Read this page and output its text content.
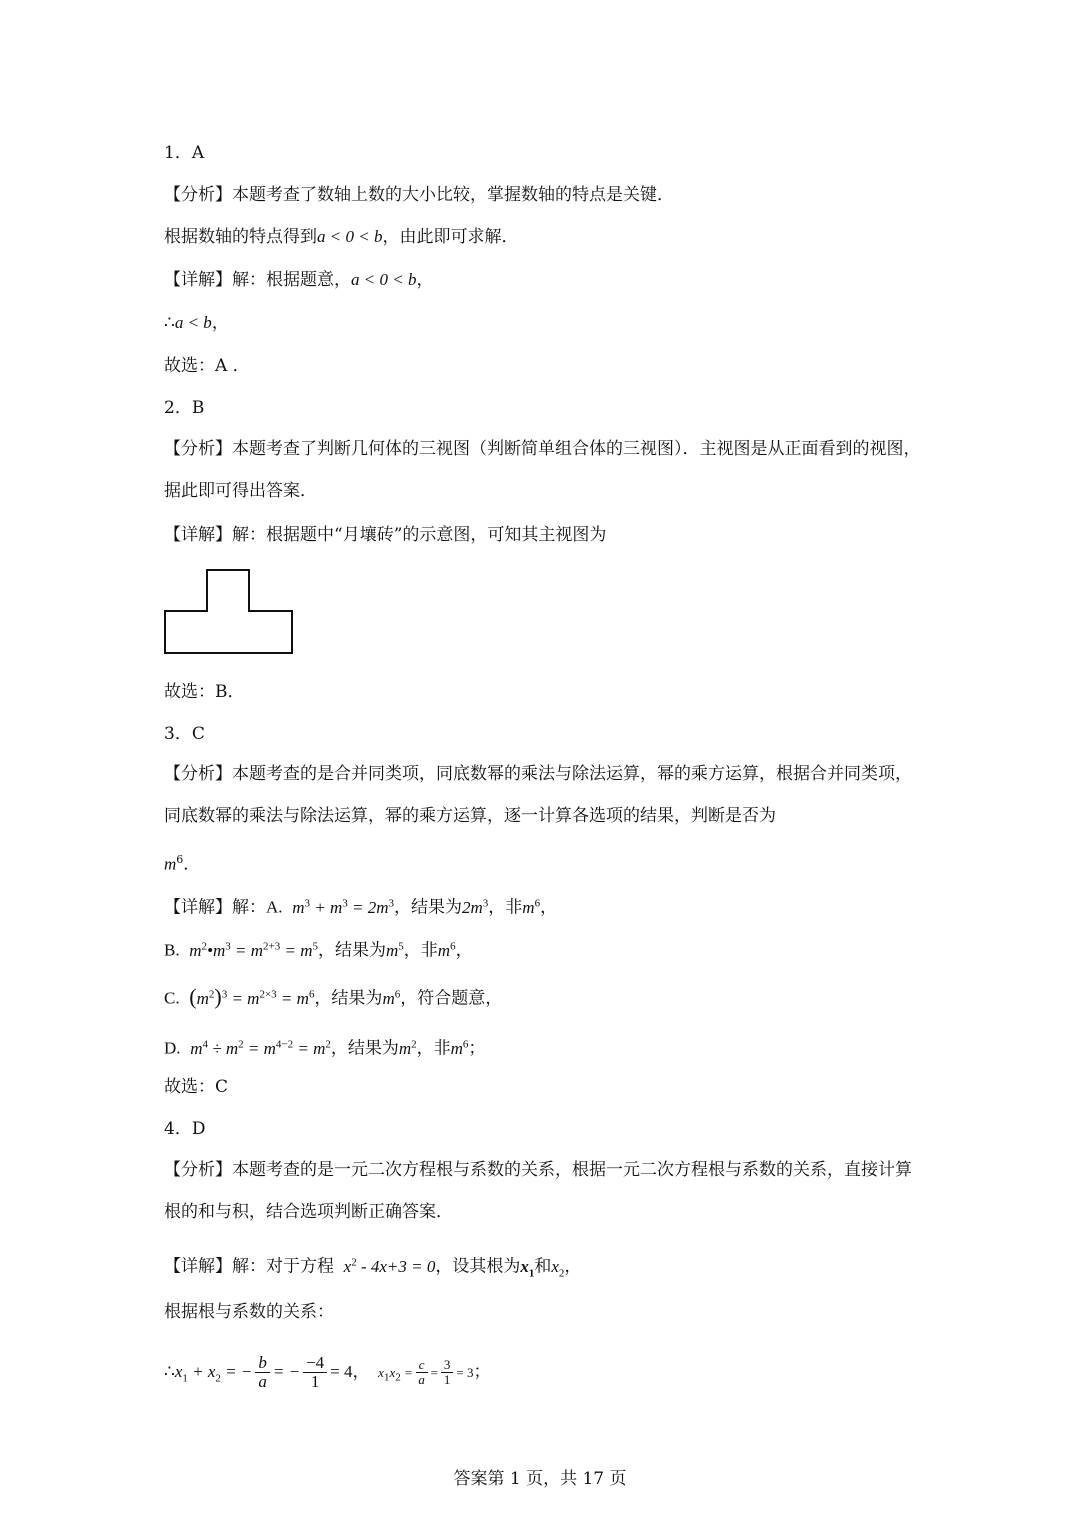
1．A
【分析】本题考查了数轴上数的大小比较，掌握数轴的特点是关键．
根据数轴的特点得到a < 0 < b，由此即可求解．
【详解】解：根据题意，a < 0 < b，
∴a < b，
故选：A ．
2．B
【分析】本题考查了判断几何体的三视图（判断简单组合体的三视图）．主视图是从正面看到的视图，据此即可得出答案．
【详解】解：根据题中“月壤砖”的示意图，可知其主视图为
故选：B．
3．C
【分析】本题考查的是合并同类项，同底数幂的乘法与除法运算，幂的乘方运算，根据合并同类项，同底数幂的乘法与除法运算，幂的乘方运算，逐一计算各选项的结果，判断是否为
$m^6$．
【详解】解：A. $m^3 + m^3 = 2m^3$，结果为$2m^3$，非$m^6$，
B. $m^2•m^3 = m^{2+3} = m^5$，结果为$m^5$，非$m^6$，
C. $(m^2)^3 = m^{2\times 3} = m^6$，结果为$m^6$，符合题意，
D. $m^4 \div m^2 = m^{4-2} = m^2$，结果为$m^2$，非$m^6$；
故选：C
4．D
【分析】本题考查的是一元二次方程根与系数的关系，根据一元二次方程根与系数的关系，直接计算根的和与积，结合选项判断正确答案．
【详解】解：对于方程  $x^2 - 4x+3 = 0$，设其根为$x_1$和$x_2$，
根据根与系数的关系：
$\therefore x_1 + x_2$ = − $\frac{b}{a}$ = − $\frac{-4}{1} = 4$，  $x_1x_2 = \frac{c}{a} = \frac{3}{1} = 3$；
答案第 1 页，共 17 页
